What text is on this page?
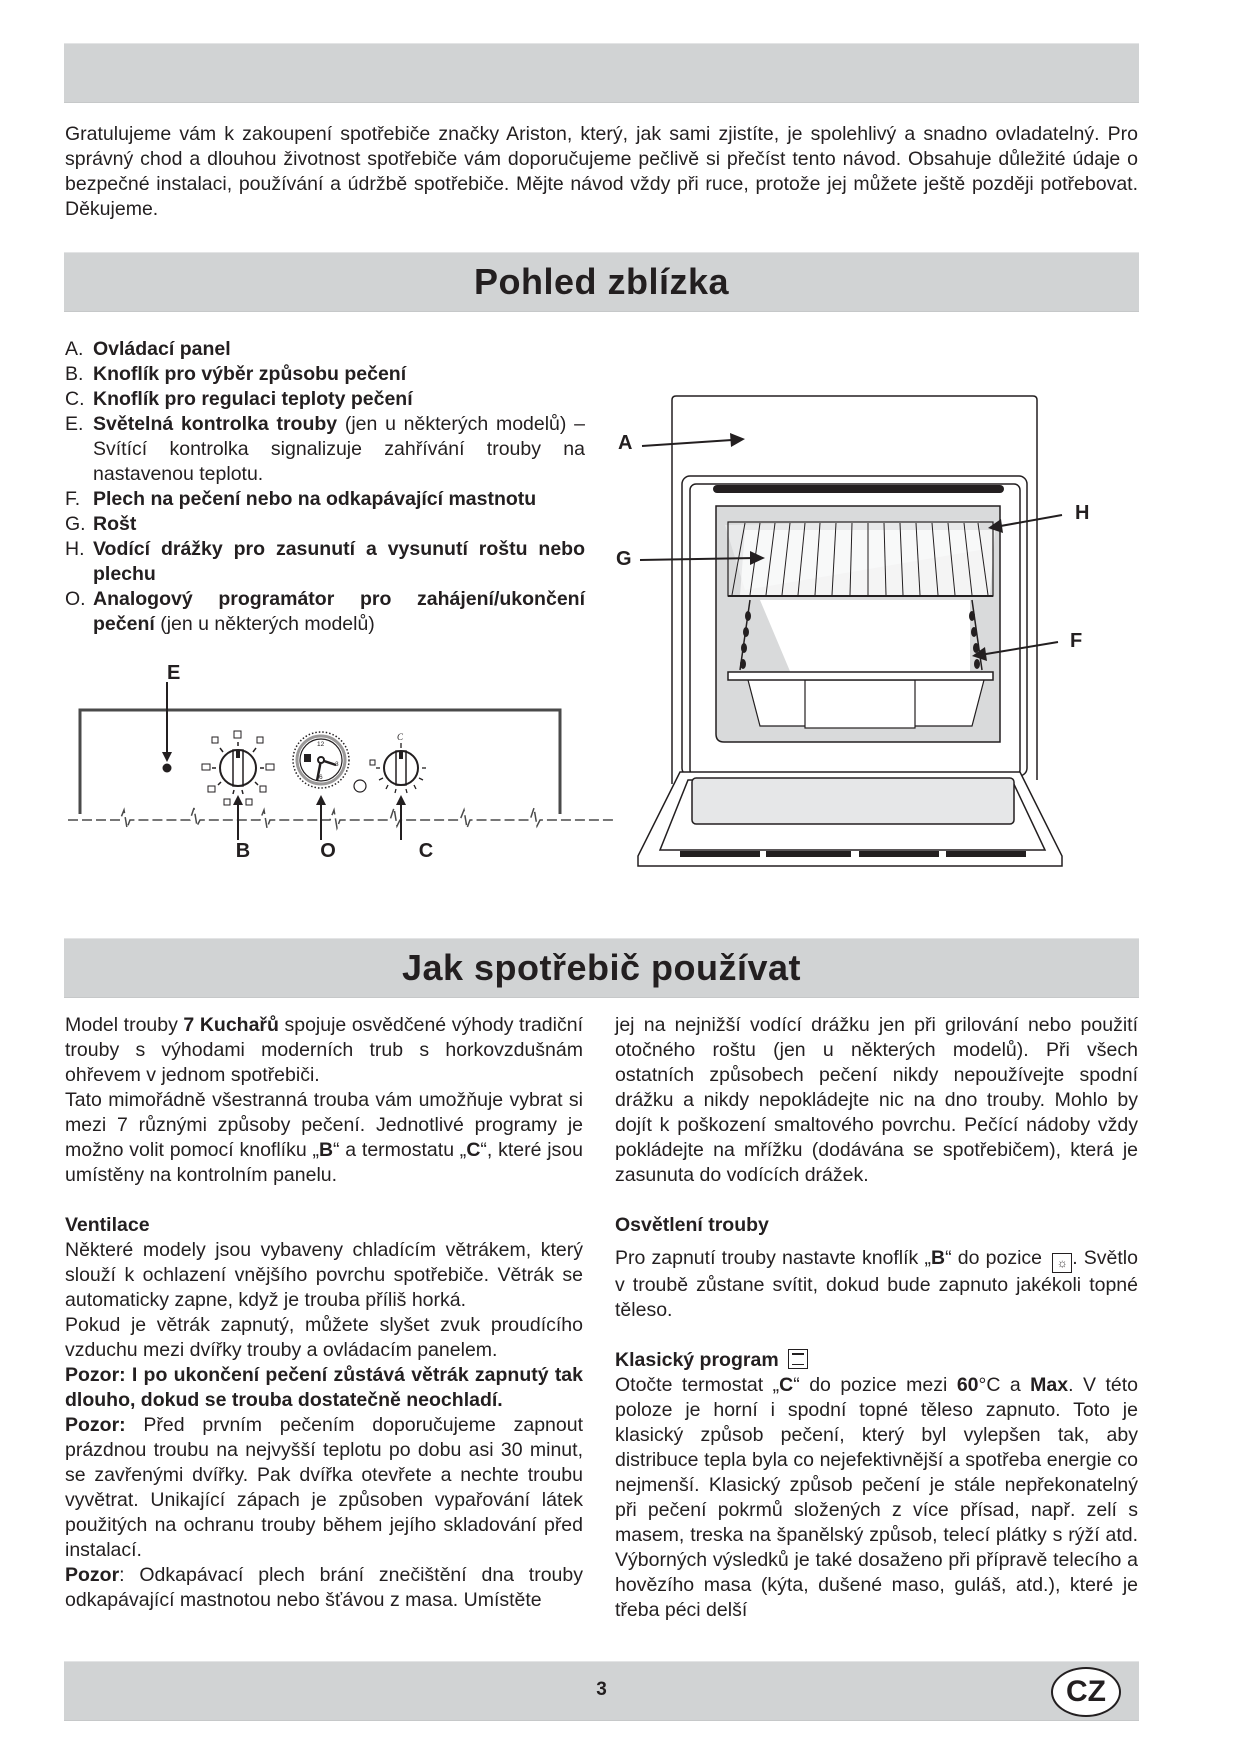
Gratulujeme vám k zakoupení spotřebiče značky Ariston, který, jak sami zjistíte, je spolehlivý a snadno ovladatelný. Pro správný chod a dlouhou životnost spotřebiče vám doporučujeme pečlivě si přečíst tento návod. Obsahuje důležité údaje o bezpečné instalaci, používání a údržbě spotřebiče. Mějte návod vždy při ruce, protože jej můžete ještě později potřebovat. Děkujeme.

Pohled zblízka
A. Ovládací panel
B. Knoflík pro výběr způsobu pečení
C. Knoflík pro regulaci teploty pečení
E. Světelná kontrolka trouby (jen u některých modelů) – Svítící kontrolka signalizuje zahřívání trouby na nastavenou teplotu.
F. Plech na pečení nebo na odkapávající mastnotu
G. Rošt
H. Vodící drážky pro zasunutí a vysunutí roštu nebo plechu
O. Analogový programátor pro zahájení/ukončení pečení (jen u některých modelů)
12
3
6
C
E
B	O	C
A
G
H
F
Jak spotřebič používat

Model trouby 7 Kuchařů spojuje osvědčené výhody tradiční trouby s výhodami moderních trub s horkovzdušnám ohřevem v jednom spotřebiči.

Tato mimořádně všestranná trouba vám umožňuje vybrat si mezi 7 různými způsoby pečení. Jednotlivé programy je možno volit pomocí knoflíku „B“ a termostatu „C“, které jsou umístěny na kontrolním panelu.

Ventilace

Některé modely jsou vybaveny chladícím větrákem, který slouží k ochlazení vnějšího povrchu spotřebiče. Větrák se automaticky zapne, když je trouba příliš horká.

Pokud je větrák zapnutý, můžete slyšet zvuk proudícího vzduchu mezi dvířky trouby a ovládacím panelem.

Pozor: I po ukončení pečení zůstává větrák zapnutý tak dlouho, dokud se trouba dostatečně neochladí.

Pozor: Před prvním pečením doporučujeme zapnout prázdnou troubu na nejvyšší teplotu po dobu asi 30 minut, se zavřenými dvířky. Pak dvířka otevřete a nechte troubu vyvětrat. Unikající zápach je způsoben vypařování látek použitých na ochranu trouby během jejího skladování před instalací.

Pozor: Odkapávací plech brání znečištění dna trouby odkapávající mastnotou nebo šťávou z masa. Umístěte

jej na nejnižší vodící drážku jen při grilování nebo použití otočného roštu (jen u některých modelů). Při všech ostatních způsobech pečení nikdy nepoužívejte spodní drážku a nikdy nepokládejte nic na dno trouby. Mohlo by dojít k poškození smaltového povrchu. Pečící nádoby vždy pokládejte na mřížku (dodávána se spotřebičem), která je zasunuta do vodících drážek.

Osvětlení trouby

Pro zapnutí trouby nastavte knoflík „B“ do pozice ☼ . Světlo v troubě zůstane svítit, dokud bude zapnuto jakékoli topné těleso.

Klasický program

Otočte termostat „C“ do pozice mezi 60°C a Max. V této poloze je horní i spodní topné těleso zapnuto. Toto je klasický způsob pečení, který byl vylepšen tak, aby distribuce tepla byla co nejefektivnější a spotřeba energie co nejmenší. Klasický způsob pečení je stále nepřekonatelný při pečení pokrmů složených z více přísad, např. zelí s masem, treska na španělský způsob, telecí plátky s rýží atd. Výborných výsledků je také dosaženo při přípravě telecího a hovězího masa (kýta, dušené maso, guláš, atd.), které je třeba péci delší

3	CZ
